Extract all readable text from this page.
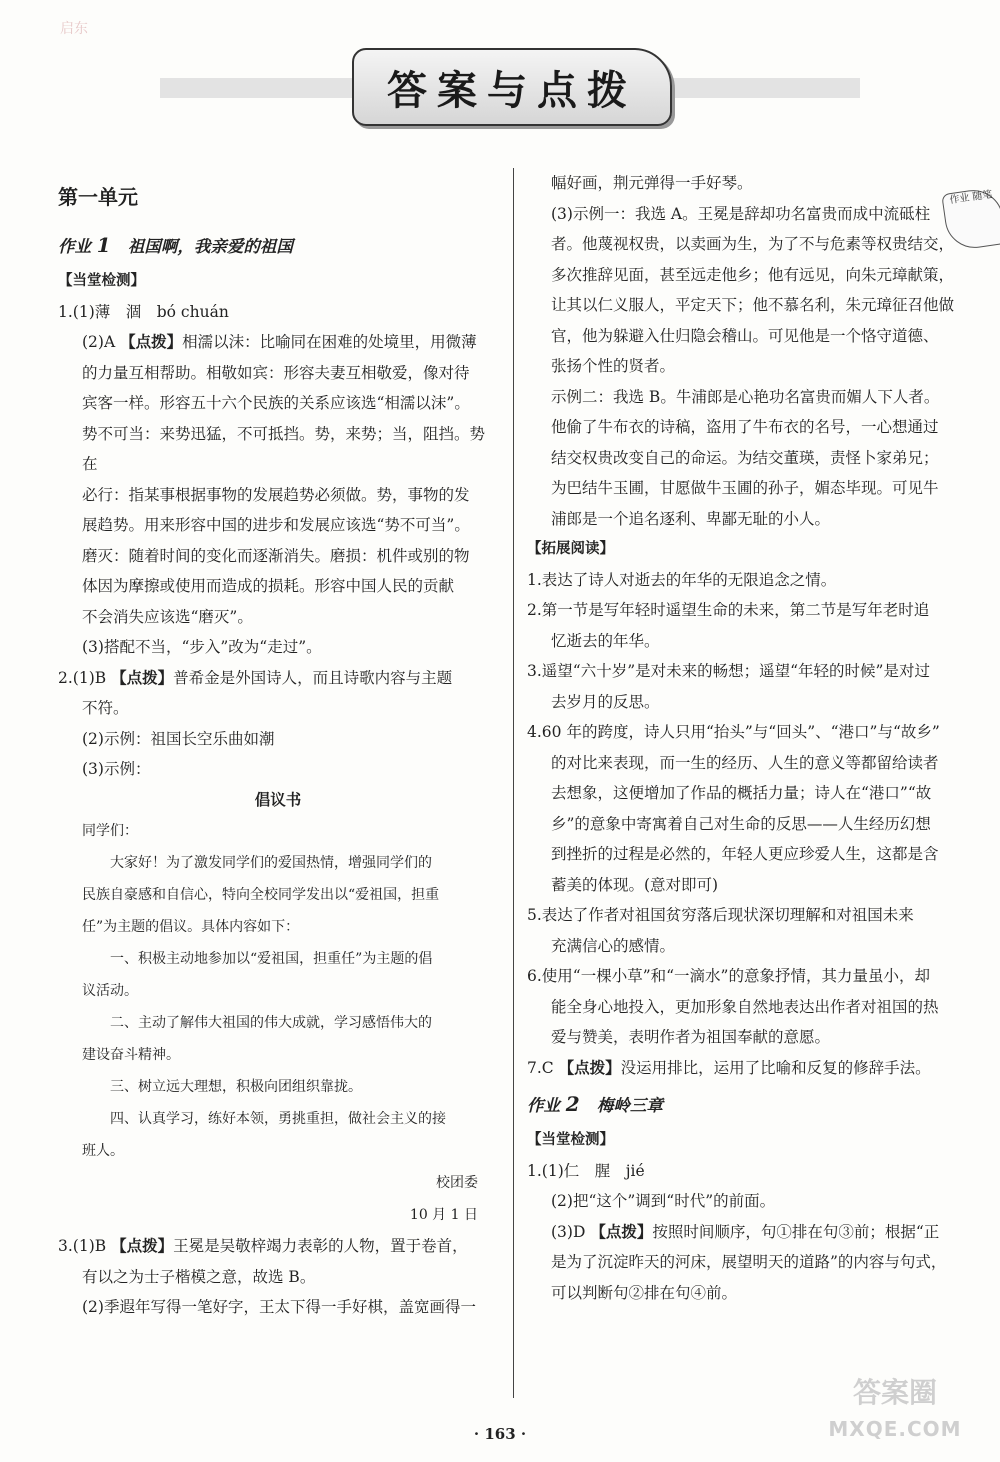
启东
答案与点拨

第一单元

作业 1 祖国啊，我亲爱的祖国

【当堂检测】

1.(1)薄　涸　bó chuán

(2)A 【点拨】相濡以沫：比喻同在困难的处境里，用微薄

的力量互相帮助。相敬如宾：形容夫妻互相敬爱，像对待

宾客一样。形容五十六个民族的关系应该选“相濡以沫”。

势不可当：来势迅猛，不可抵挡。势，来势；当，阻挡。势在

必行：指某事根据事物的发展趋势必须做。势，事物的发

展趋势。用来形容中国的进步和发展应该选“势不可当”。

磨灭：随着时间的变化而逐渐消失。磨损：机件或别的物

体因为摩擦或使用而造成的损耗。形容中国人民的贡献

不会消失应该选“磨灭”。

(3)搭配不当，“步入”改为“走过”。

2.(1)B 【点拨】普希金是外国诗人，而且诗歌内容与主题

不符。

(2)示例：祖国长空乐曲如潮

(3)示例：

倡议书

同学们：

大家好！为了激发同学们的爱国热情，增强同学们的

民族自豪感和自信心，特向全校同学发出以“爱祖国，担重

任”为主题的倡议。具体内容如下：

一、积极主动地参加以“爱祖国，担重任”为主题的倡

议活动。

二、主动了解伟大祖国的伟大成就，学习感悟伟大的

建设奋斗精神。

三、树立远大理想，积极向团组织靠拢。

四、认真学习，练好本领，勇挑重担，做社会主义的接

班人。

校团委

10 月 1 日

3.(1)B 【点拨】王冕是吴敬梓竭力表彰的人物，置于卷首，

有以之为士子楷模之意，故选 B。

(2)季遐年写得一笔好字，王太下得一手好棋，盖宽画得一

幅好画，荆元弹得一手好琴。

(3)示例一：我选 A。王冕是辞却功名富贵而成中流砥柱

者。他蔑视权贵，以卖画为生，为了不与危素等权贵结交，

多次推辞见面，甚至远走他乡；他有远见，向朱元璋献策，

让其以仁义服人，平定天下；他不慕名利，朱元璋征召他做

官，他为躲避入仕归隐会稽山。可见他是一个恪守道德、

张扬个性的贤者。

示例二：我选 B。牛浦郎是心艳功名富贵而媚人下人者。

他偷了牛布衣的诗稿，盗用了牛布衣的名号，一心想通过

结交权贵改变自己的命运。为结交董瑛，责怪卜家弟兄；

为巴结牛玉圃，甘愿做牛玉圃的孙子，媚态毕现。可见牛

浦郎是一个追名逐利、卑鄙无耻的小人。

【拓展阅读】

1.表达了诗人对逝去的年华的无限追念之情。

2.第一节是写年轻时遥望生命的未来，第二节是写年老时追

忆逝去的年华。

3.遥望“六十岁”是对未来的畅想；遥望“年轻的时候”是对过

去岁月的反思。

4.60 年的跨度，诗人只用“抬头”与“回头”、“港口”与“故乡”

的对比来表现，而一生的经历、人生的意义等都留给读者

去想象，这便增加了作品的概括力量；诗人在“港口”“故

乡”的意象中寄寓着自己对生命的反思——人生经历幻想

到挫折的过程是必然的，年轻人更应珍爱人生，这都是含

蓄美的体现。(意对即可)

5.表达了作者对祖国贫穷落后现状深切理解和对祖国未来

充满信心的感情。

6.使用“一棵小草”和“一滴水”的意象抒情，其力量虽小，却

能全身心地投入，更加形象自然地表达出作者对祖国的热

爱与赞美，表明作者为祖国奉献的意愿。

7.C 【点拨】没运用排比，运用了比喻和反复的修辞手法。

作业 2 梅岭三章

【当堂检测】

1.(1)仁　腥　jié

(2)把“这个”调到“时代”的前面。

(3)D 【点拨】按照时间顺序，句①排在句③前；根据“正

是为了沉淀昨天的河床，展望明天的道路”的内容与句式，

可以判断句②排在句④前。

作业 随笔
· 163 ·
答案圈
MXQE.COM
